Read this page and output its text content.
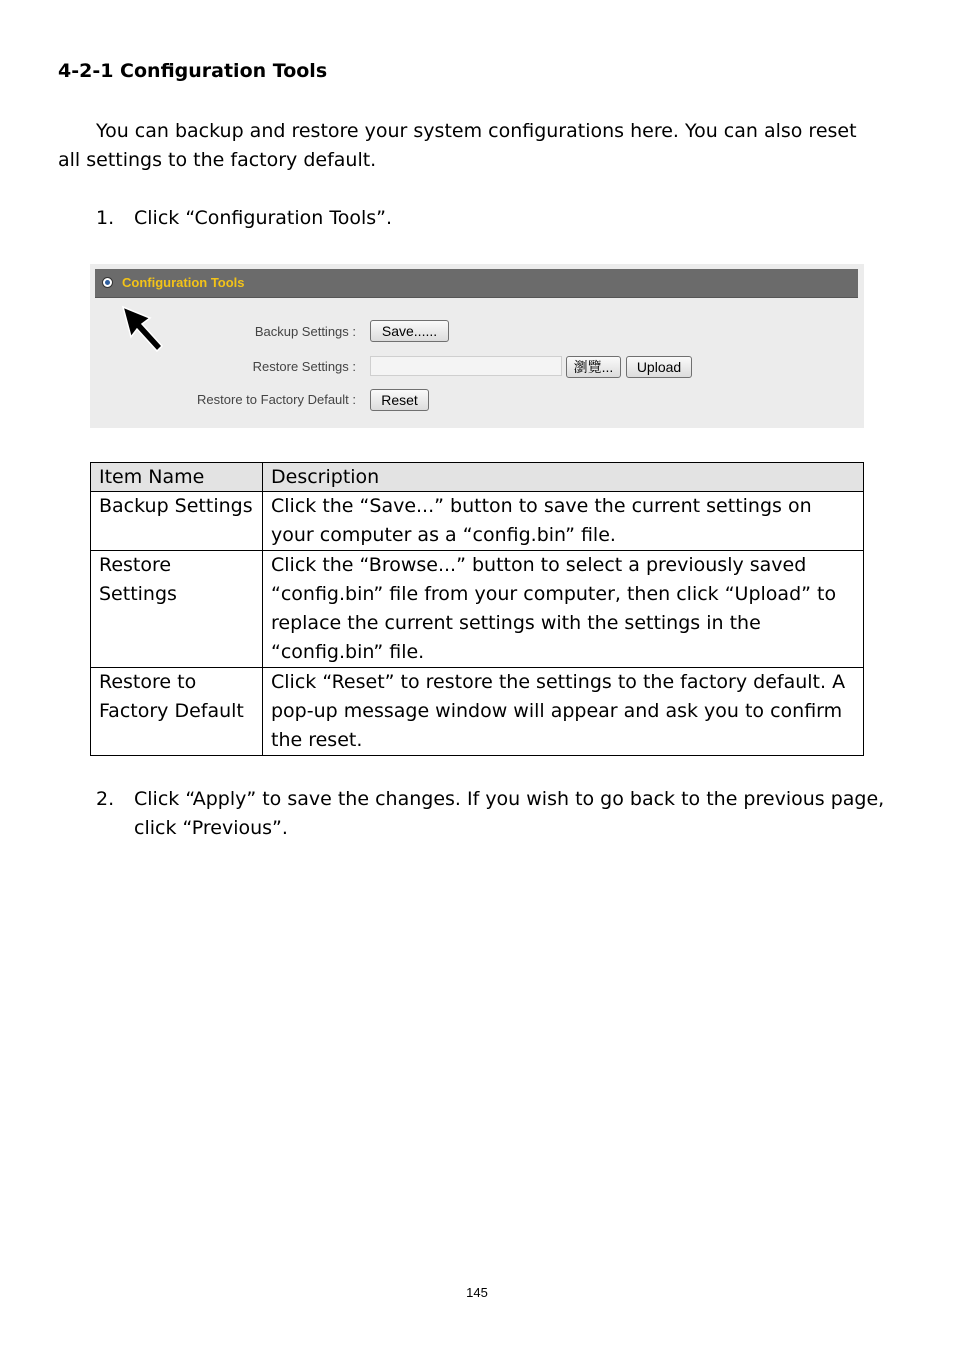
4-2-1 Configuration Tools
You can backup and restore your system configurations here. You can also reset all settings to the factory default.
1. Click “Configuration Tools”.
Configuration Tools
Backup Settings :	Save......
Restore Settings :	瀏覽...	Upload
Restore to Factory Default :	Reset
Item Name	Description
Backup Settings	Click the “Save...” button to save the current settings on your computer as a “config.bin” file.
Restore Settings	Click the “Browse...” button to select a previously saved “config.bin” file from your computer, then click “Upload” to replace the current settings with the settings in the “config.bin” file.
Restore to Factory Default	Click “Reset” to restore the settings to the factory default. A pop-up message window will appear and ask you to confirm the reset.
2. Click “Apply” to save the changes. If you wish to go back to the previous page, click “Previous”.
145
